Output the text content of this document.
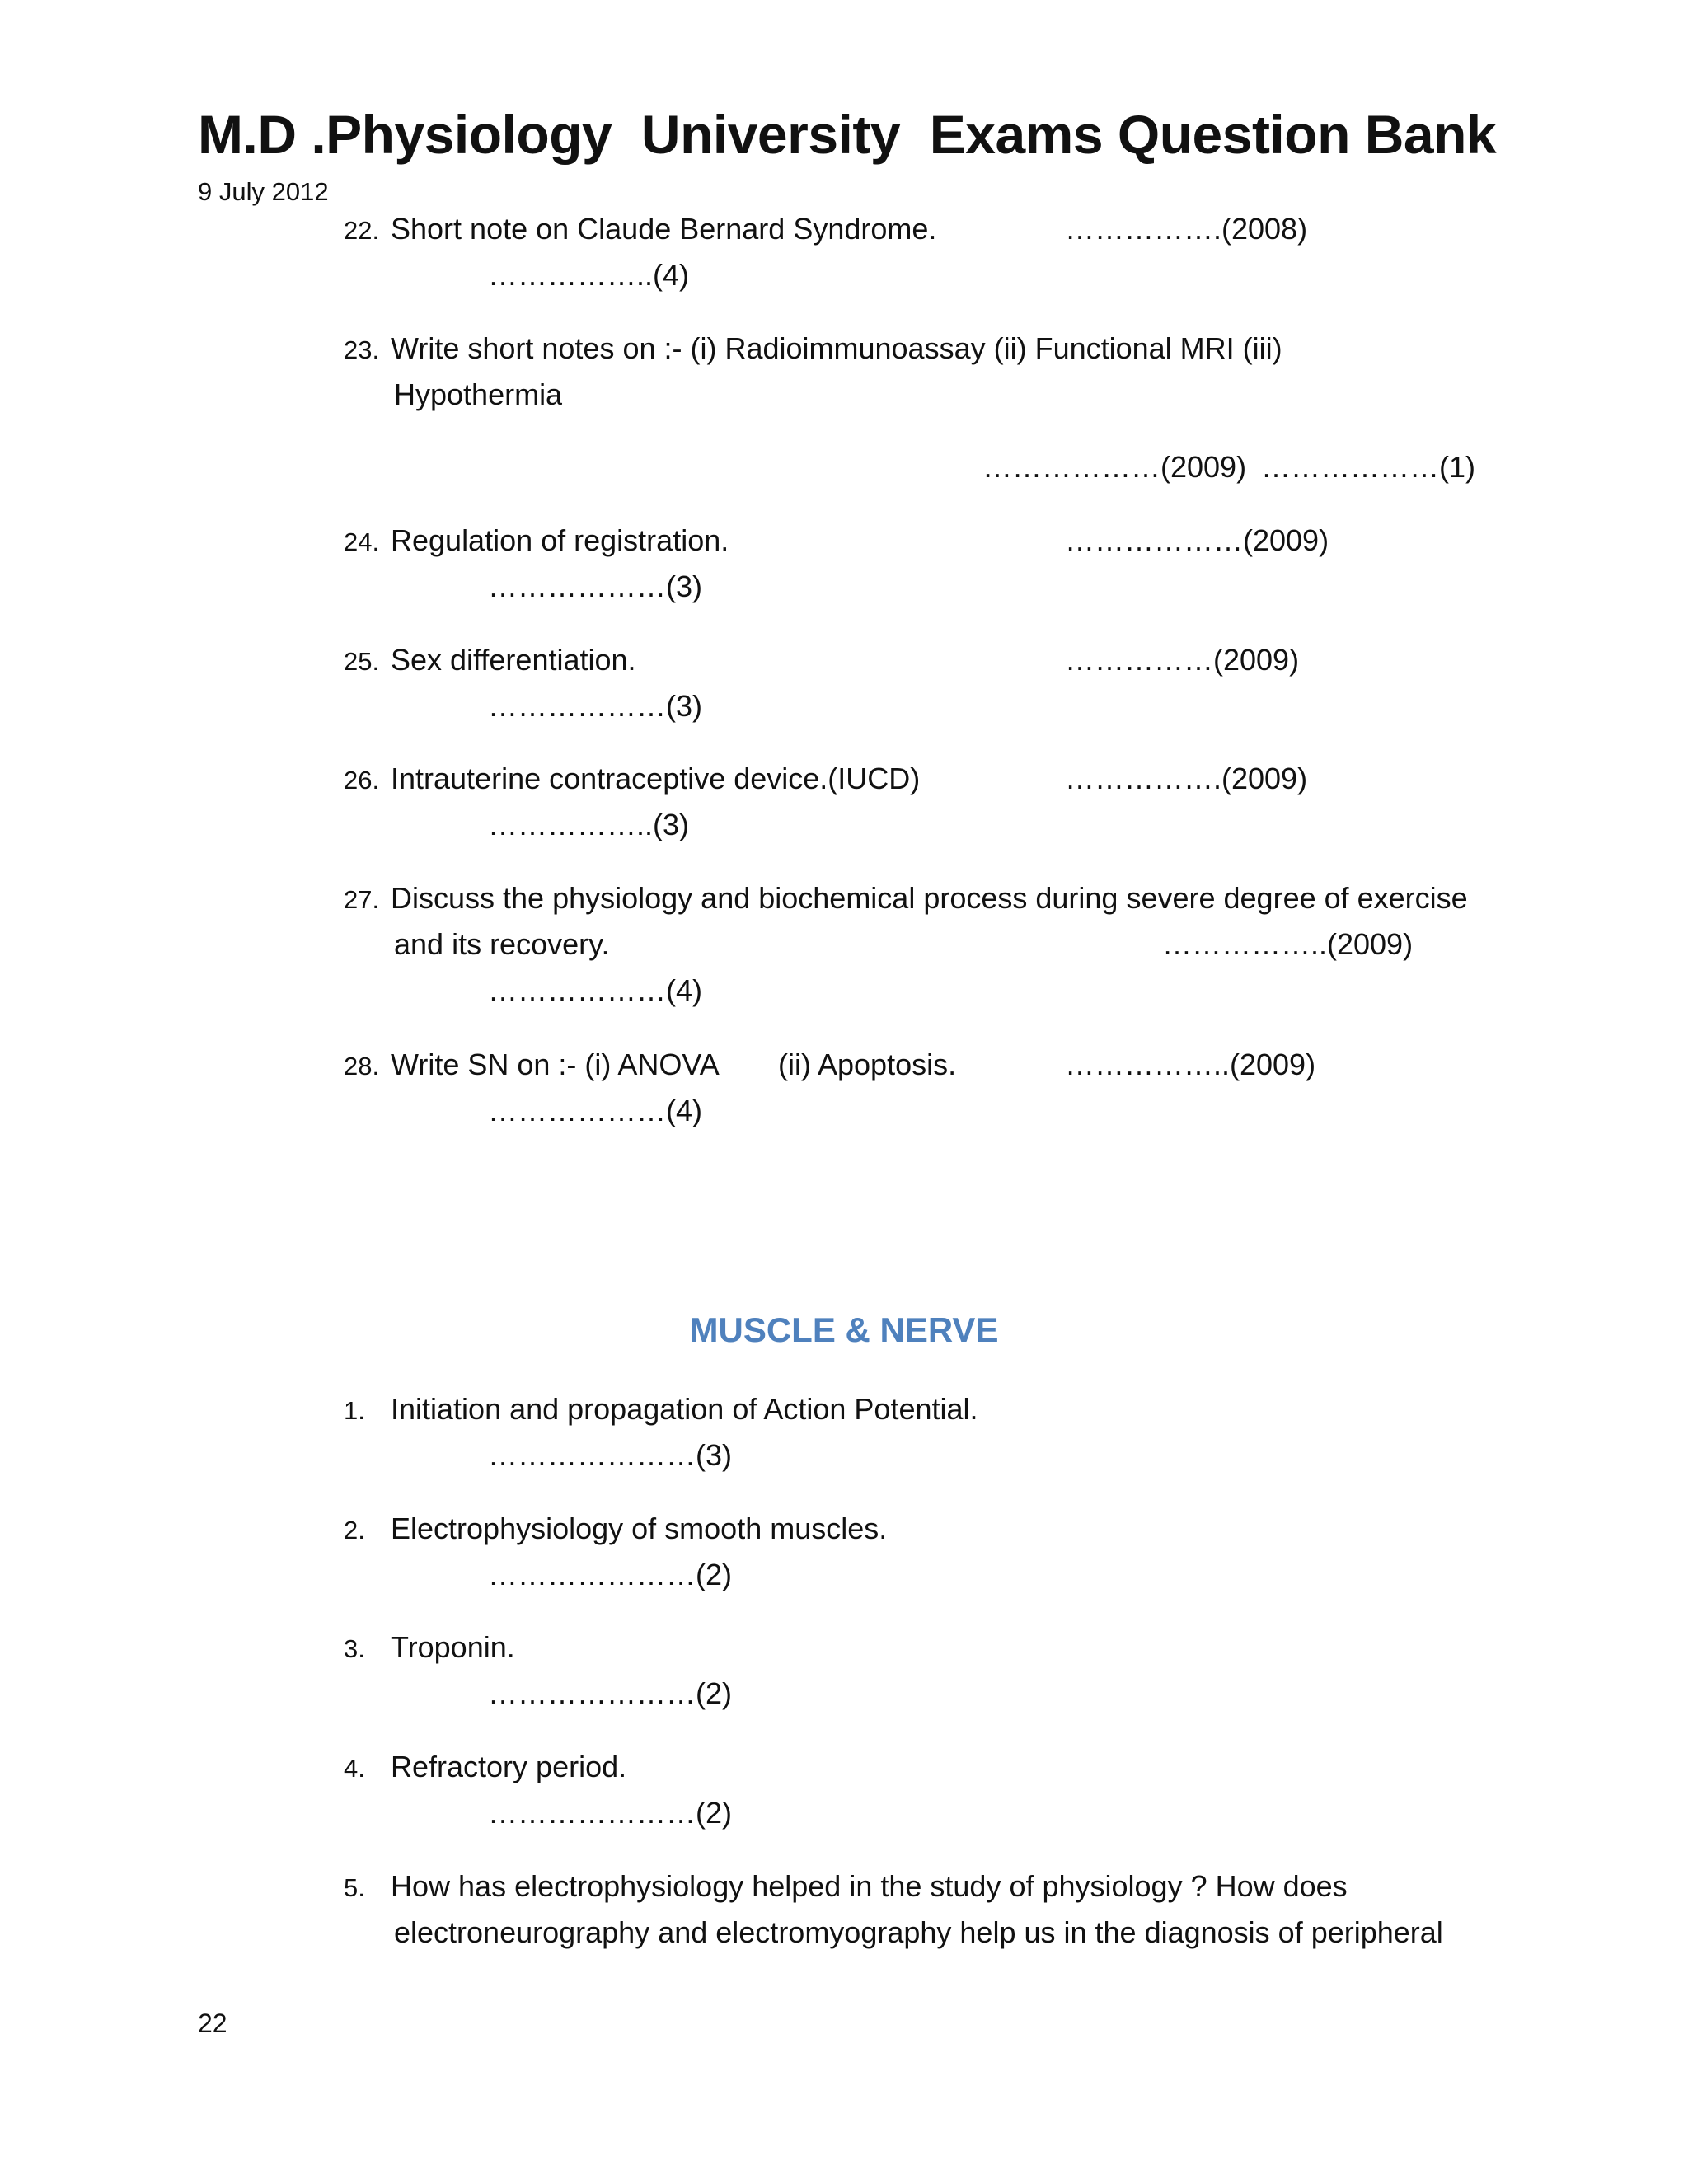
M.D .Physiology  University  Exams Question Bank
9 July 2012
22. Short note on Claude Bernard Syndrome.	…………….(2008)
……………..(4)
23. Write short notes on :- (i) Radioimmunoassay (ii) Functional MRI (iii)
Hypothermia
………………(2009) ………………(1)
24. Regulation of registration.	………………(2009)
………………(3)
25. Sex differentiation.	……………(2009)
………………(3)
26. Intrauterine contraceptive device.(IUCD)	…………….(2009)
……………..(3)
27. Discuss the physiology and biochemical process during severe degree of exercise
and its recovery.	……………..(2009)
………………(4)
28. Write SN on :- (i) ANOVA (ii) Apoptosis.	……………..(2009)
………………(4)
MUSCLE & NERVE
1. Initiation and propagation of Action Potential.
…………………(3)
2. Electrophysiology of smooth muscles.
…………………(2)
3. Troponin.
…………………(2)
4. Refractory period.
…………………(2)
5. How has electrophysiology helped in the study of physiology ? How does
electroneurography and electromyography help us in the diagnosis of peripheral
22
